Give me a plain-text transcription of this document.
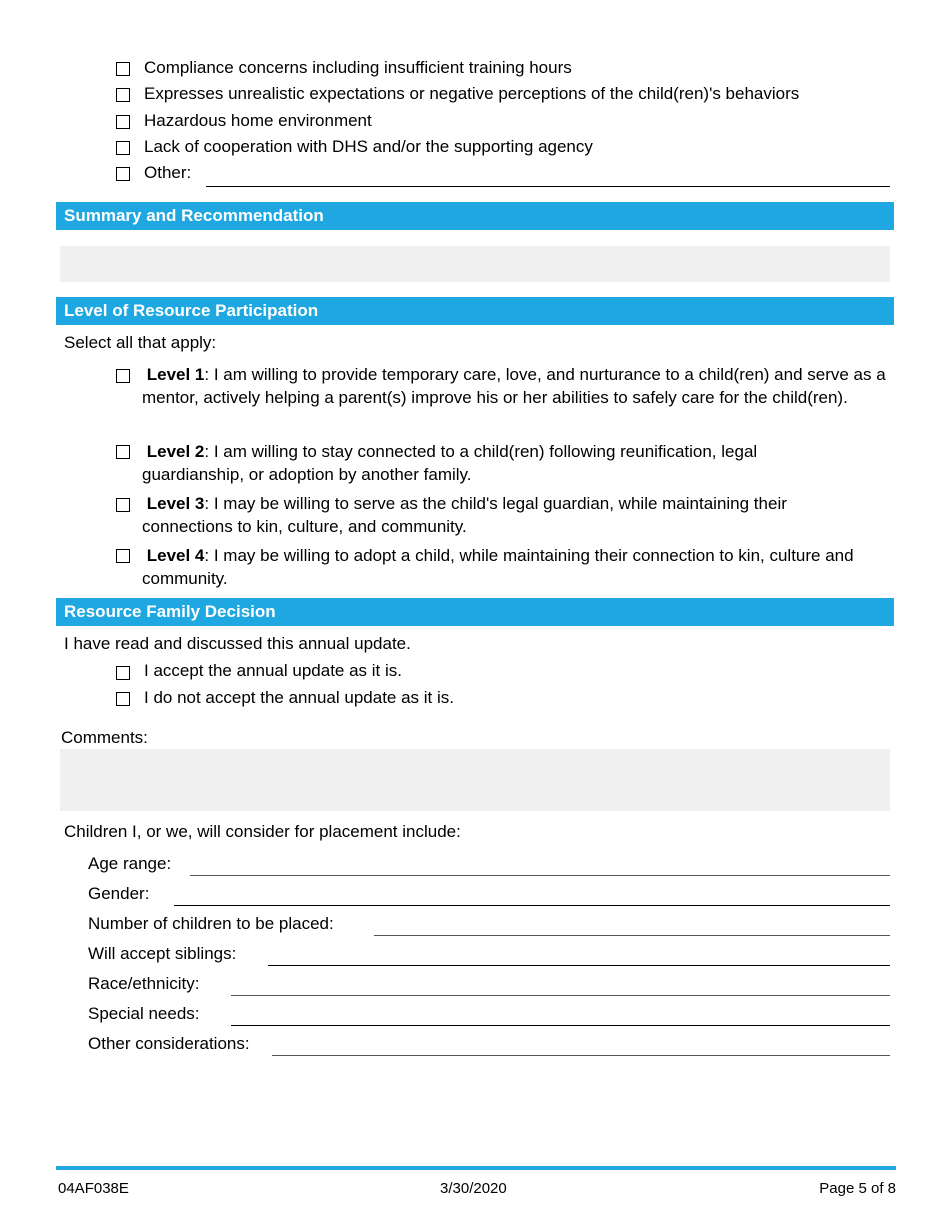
Compliance concerns including insufficient training hours
Expresses unrealistic expectations or negative perceptions of the child(ren)'s behaviors
Hazardous home environment
Lack of cooperation with DHS and/or the supporting agency
Other:
Summary and Recommendation
Level of Resource Participation
Select all that apply:
Level 1: I am willing to provide temporary care, love, and nurturance to a child(ren) and serve as a mentor, actively helping a parent(s) improve his or her abilities to safely care for the child(ren).
Level 2: I am willing to stay connected to a child(ren) following reunification, legal guardianship, or adoption by another family.
Level 3: I may be willing to serve as the child's legal guardian, while maintaining their connections to kin, culture, and community.
Level 4: I may be willing to adopt a child, while maintaining their connection to kin, culture and community.
Resource Family Decision
I have read and discussed this annual update.
I accept the annual update as it is.
I do not accept the annual update as it is.
Comments:
Children I, or we, will consider for placement include:
Age range:
Gender:
Number of children to be placed:
Will accept siblings:
Race/ethnicity:
Special needs:
Other considerations:
04AF038E	3/30/2020	Page 5 of 8
